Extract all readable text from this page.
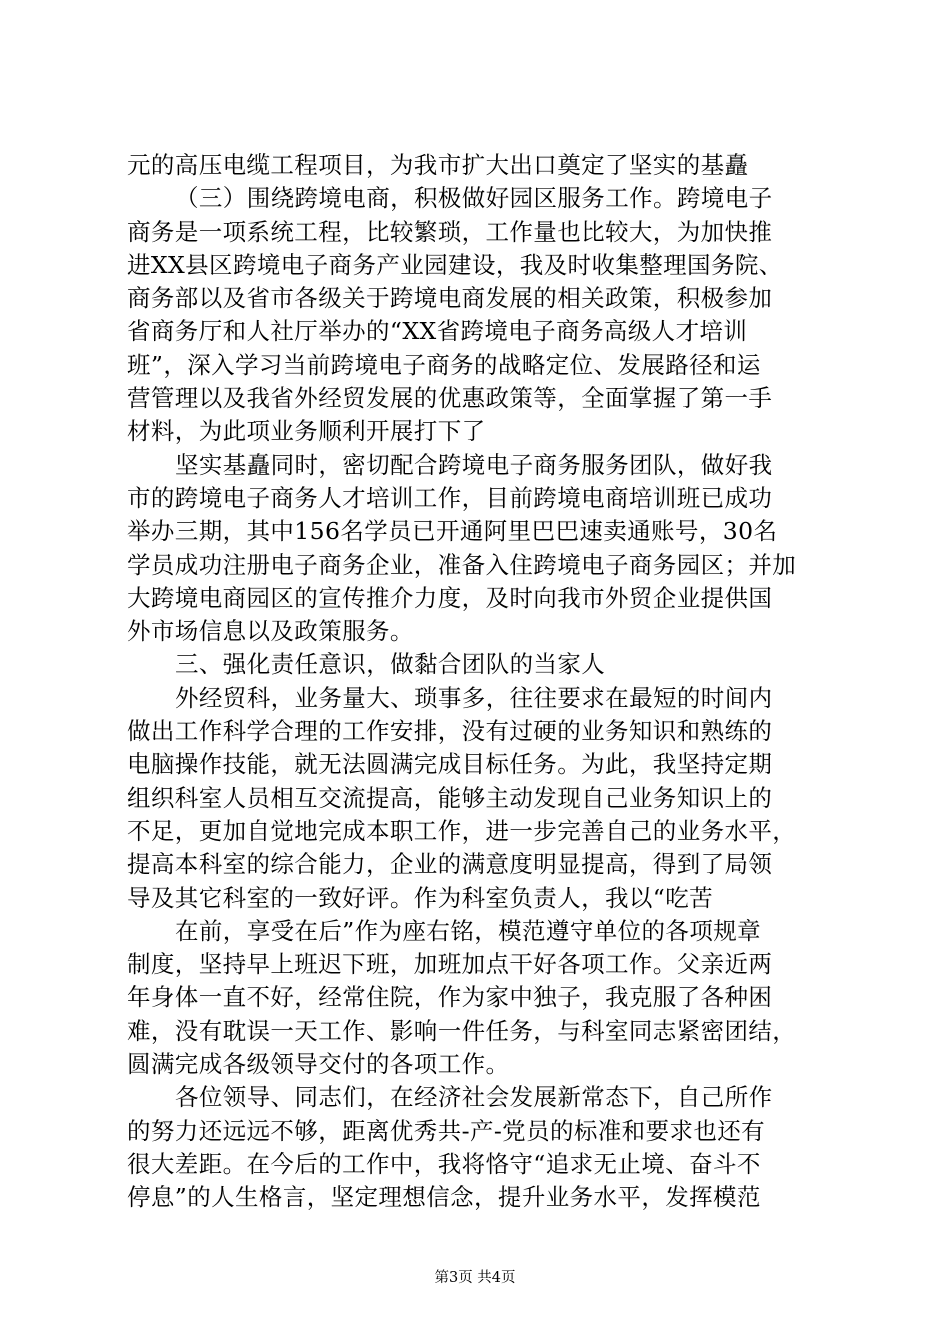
元的高压电缆工程项目，为我市扩大出口奠定了坚实的基矗
（三）围绕跨境电商，积极做好园区服务工作。跨境电子
商务是一项系统工程，比较繁琐，工作量也比较大，为加快推
进XX县区跨境电子商务产业园建设，我及时收集整理国务院、
商务部以及省市各级关于跨境电商发展的相关政策，积极参加
省商务厅和人社厅举办的“XX省跨境电子商务高级人才培训
班”，深入学习当前跨境电子商务的战略定位、发展路径和运
营管理以及我省外经贸发展的优惠政策等，全面掌握了第一手
材料，为此项业务顺利开展打下了
坚实基矗同时，密切配合跨境电子商务服务团队，做好我
市的跨境电子商务人才培训工作，目前跨境电商培训班已成功
举办三期，其中156名学员已开通阿里巴巴速卖通账号，30名
学员成功注册电子商务企业，准备入住跨境电子商务园区；并加
大跨境电商园区的宣传推介力度，及时向我市外贸企业提供国
外市场信息以及政策服务。
三、强化责任意识，做黏合团队的当家人
外经贸科，业务量大、琐事多，往往要求在最短的时间内
做出工作科学合理的工作安排，没有过硬的业务知识和熟练的
电脑操作技能，就无法圆满完成目标任务。为此，我坚持定期
组织科室人员相互交流提高，能够主动发现自己业务知识上的
不足，更加自觉地完成本职工作，进一步完善自己的业务水平，
提高本科室的综合能力，企业的满意度明显提高，得到了局领
导及其它科室的一致好评。作为科室负责人，我以“吃苦
在前，享受在后”作为座右铭，模范遵守单位的各项规章
制度，坚持早上班迟下班，加班加点干好各项工作。父亲近两
年身体一直不好，经常住院，作为家中独子，我克服了各种困
难，没有耽误一天工作、影响一件任务，与科室同志紧密团结，
圆满完成各级领导交付的各项工作。
各位领导、同志们，在经济社会发展新常态下，自己所作
的努力还远远不够，距离优秀共-产-党员的标准和要求也还有
很大差距。在今后的工作中，我将恪守“追求无止境、奋斗不
停息”的人生格言，坚定理想信念，提升业务水平，发挥模范
第3页 共4页
